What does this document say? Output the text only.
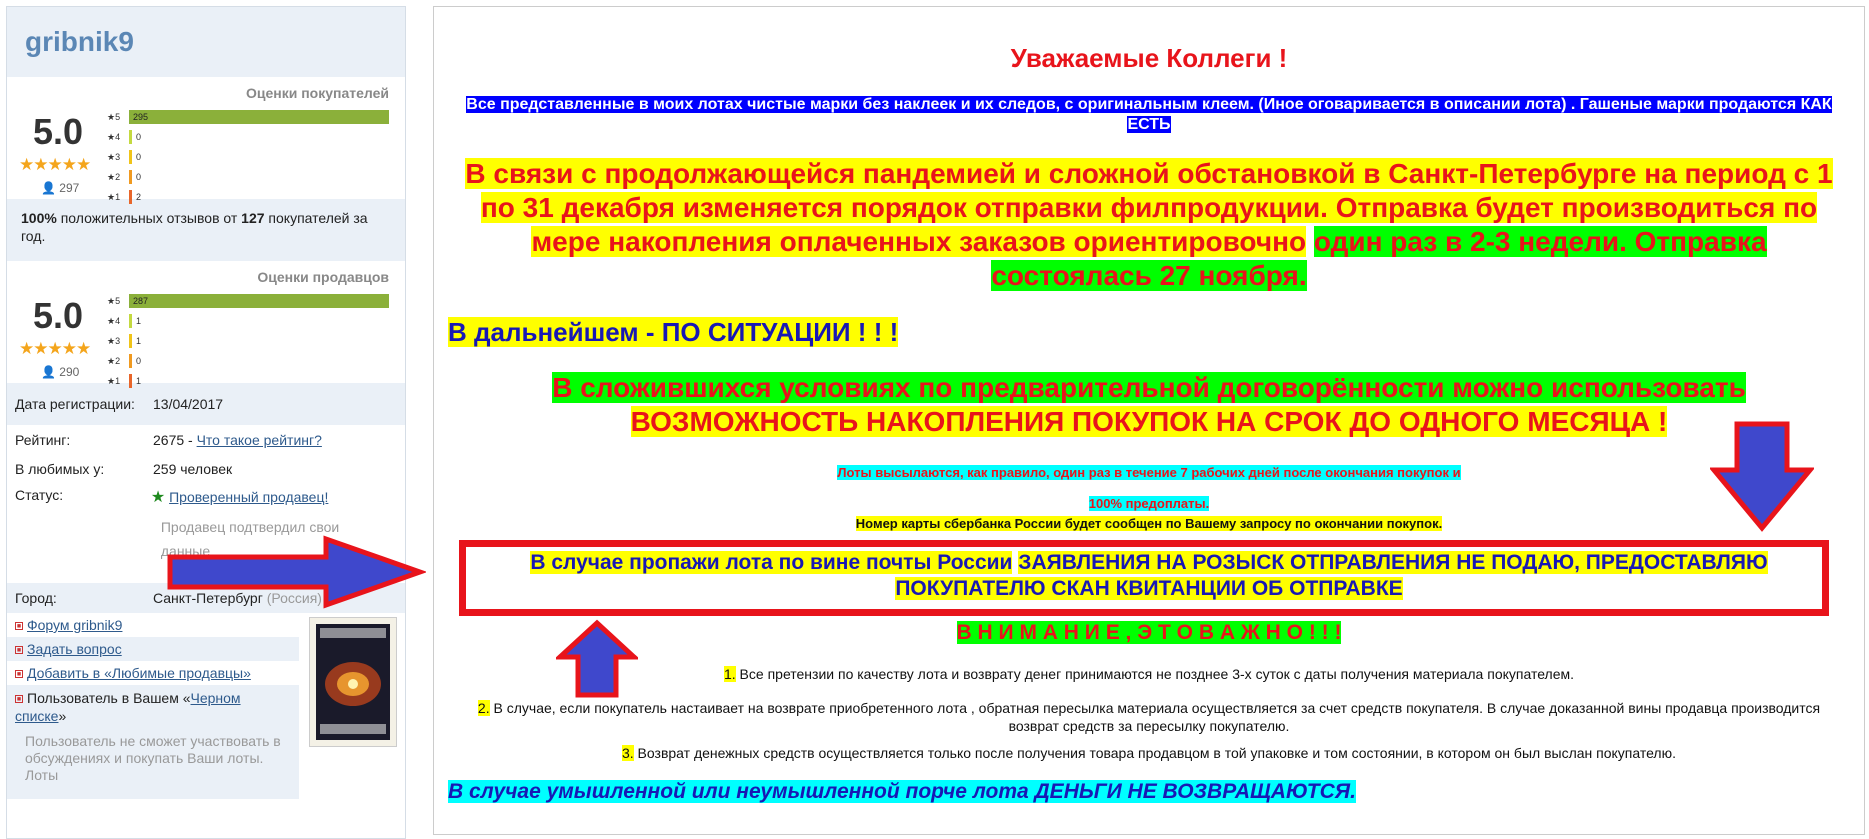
gribnik9
Оценки покупателей
5.0
★★★★★
👤 297
★5	295
★4	0
★3	0
★2	0
★1	2
100% положительных отзывов от 127 покупателей за год.
Оценки продавцов
5.0
★★★★★
👤 290
★5	287
★4	1
★3	1
★2	0
★1	1
Дата регистрации: 13/04/2017
Рейтинг:	2675 - Что такое рейтинг?
В любимых у:	259 человек
Статус:	★ Проверенный продавец!
Продавец подтвердил свои
данные.
Город:	Санкт-Петербург (Россия)
■ Форум gribnik9
■ Задать вопрос
■ Добавить в «Любимые продавцы»
■ Пользователь в Вашем «Черном списке»
Пользователь не сможет участвовать в обсуждениях и покупать Ваши лоты. Лоты
Уважаемые Коллеги !
Все представленные в моих лотах чистые марки без наклеек и их следов, с оригинальным клеем. (Иное оговаривается в описании лота) . Гашеные марки продаются КАК ЕСТЬ
В связи с продолжающейся пандемией и сложной обстановкой в Санкт-Петербурге на период с 1 по 31 декабря изменяется порядок отправки филпродукции. Отправка будет производиться по мере накопления оплаченных заказов ориентировочно один раз в 2-3 недели. Отправка состоялась 27 ноября.
В дальнейшем - ПО СИТУАЦИИ ! ! !
В сложившихся условиях по предварительной договорённости можно использовать
ВОЗМОЖНОСТЬ НАКОПЛЕНИЯ ПОКУПОК НА СРОК ДО ОДНОГО МЕСЯЦА !
Лоты высылаются, как правило, один раз в течение 7 рабочих дней после окончания покупок и
100% предоплаты.
Номер карты сбербанка России будет сообщен по Вашему запросу по окончании покупок.
В случае пропажи лота по вине почты России ЗАЯВЛЕНИЯ НА РОЗЫСК ОТПРАВЛЕНИЯ НЕ ПОДАЮ, ПРЕДОСТАВЛЯЮ ПОКУПАТЕЛЮ СКАН КВИТАНЦИИ ОБ ОТПРАВКЕ
В Н И М А Н И Е , Э Т О В А Ж Н О ! ! !
1. Все претензии по качеству лота и возврату денег принимаются не позднее 3-х суток с даты получения материала покупателем.
2. В случае, если покупатель настаивает на возврате приобретенного лота , обратная пересылка материала осуществляется за счет средств покупателя. В случае доказанной вины продавца производится возврат средств за пересылку покупателю.
3. Возврат денежных средств осуществляется только после получения товара продавцом в той упаковке и том состоянии, в котором он был выслан покупателю.
В случае умышленной или неумышленной порче лота ДЕНЬГИ НЕ ВОЗВРАЩАЮТСЯ.
